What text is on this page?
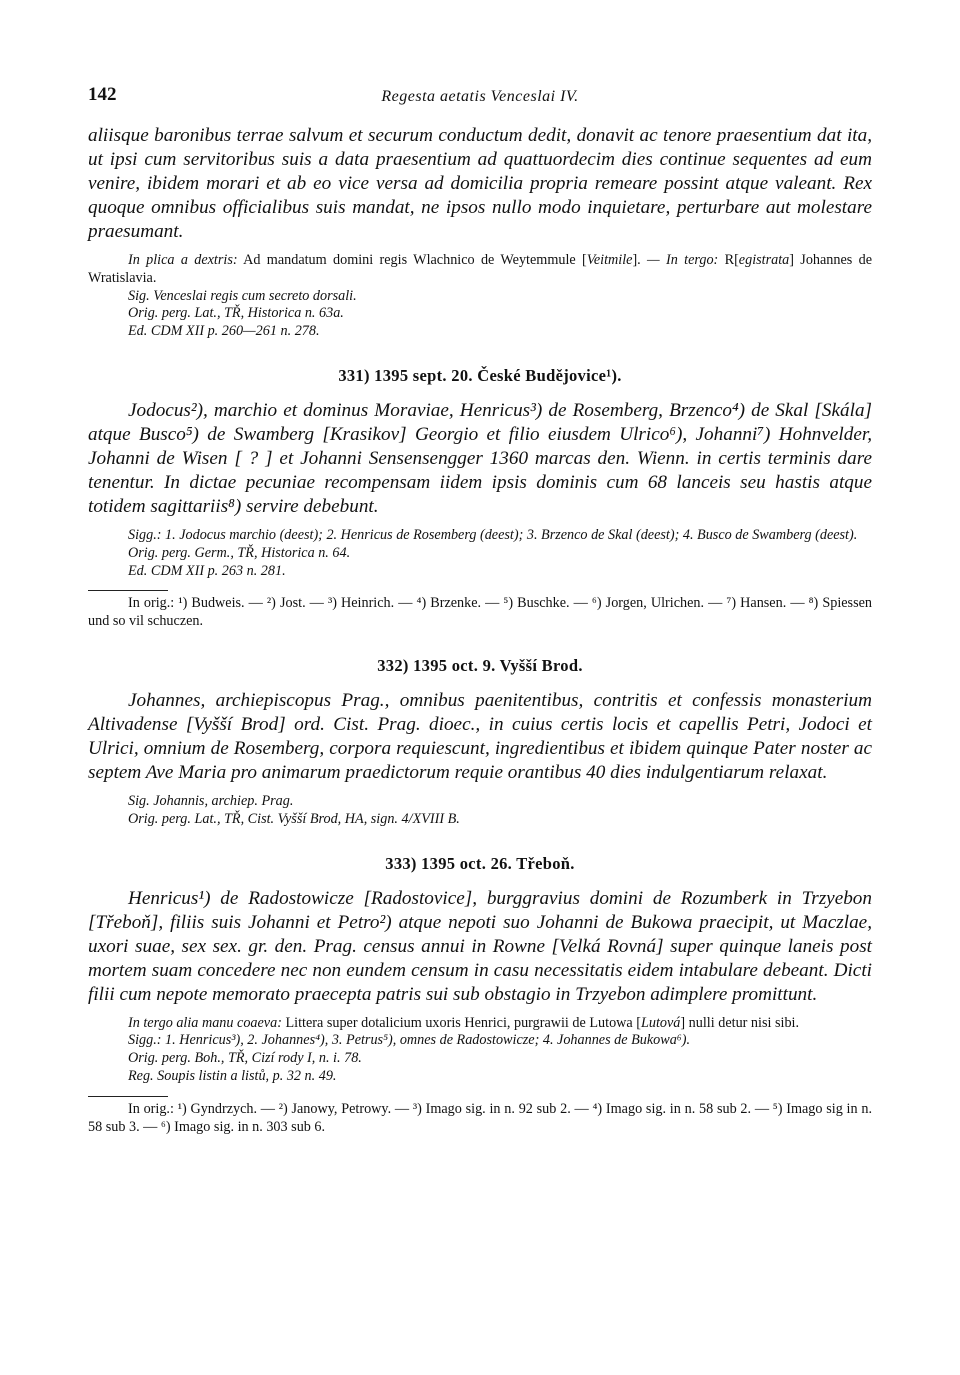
142	Regesta aetatis Venceslai IV.

aliisque baronibus terrae salvum et securum conductum dedit, donavit ac tenore praesentium dat ita, ut ipsi cum servitoribus suis a data praesentium ad quattuordecim dies continue sequentes ad eum venire, ibidem morari et ab eo vice versa ad domicilia propria remeare possint atque valeant. Rex quoque omnibus officialibus suis mandat, ne ipsos nullo modo inquietare, perturbare aut molestare praesumant.

In plica a dextris: Ad mandatum domini regis Wlachnico de Weytemmule [Veitmile]. — In tergo: R[egistrata] Johannes de Wratislavia.

Sig. Venceslai regis cum secreto dorsali.

Orig. perg. Lat., TŘ, Historica n. 63a.

Ed. CDM XII p. 260—261 n. 278.

331) 1395 sept. 20. České Budějovice¹).

Jodocus²), marchio et dominus Moraviae, Henricus³) de Rosemberg, Brzenco⁴) de Skal [Skála] atque Busco⁵) de Swamberg [Krasikov] Georgio et filio eiusdem Ulrico⁶), Johanni⁷) Hohnvelder, Johanni de Wisen [ ? ] et Johanni Sensensengger 1360 marcas den. Wienn. in certis terminis dare tenentur. In dictae pecuniae recompensam iidem ipsis dominis cum 68 lanceis seu hastis atque totidem sagittariis⁸) servire debebunt.

Sigg.: 1. Jodocus marchio (deest); 2. Henricus de Rosemberg (deest); 3. Brzenco de Skal (deest); 4. Busco de Swamberg (deest).

Orig. perg. Germ., TŘ, Historica n. 64.

Ed. CDM XII p. 263 n. 281.

In orig.: ¹) Budweis. — ²) Jost. — ³) Heinrich. — ⁴) Brzenke. — ⁵) Buschke. — ⁶) Jorgen, Ulrichen. — ⁷) Hansen. — ⁸) Spiessen und so vil schuczen.

332) 1395 oct. 9. Vyšší Brod.

Johannes, archiepiscopus Prag., omnibus paenitentibus, contritis et confessis monasterium Altivadense [Vyšší Brod] ord. Cist. Prag. dioec., in cuius certis locis et capellis Petri, Jodoci et Ulrici, omnium de Rosemberg, corpora requiescunt, ingredientibus et ibidem quinque Pater noster ac septem Ave Maria pro animarum praedictorum requie orantibus 40 dies indulgentiarum relaxat.

Sig. Johannis, archiep. Prag.

Orig. perg. Lat., TŘ, Cist. Vyšší Brod, HA, sign. 4/XVIII B.

333) 1395 oct. 26. Třeboň.

Henricus¹) de Radostowicze [Radostovice], burggravius domini de Rozumberk in Trzyebon [Třeboň], filiis suis Johanni et Petro²) atque nepoti suo Johanni de Bukowa praecipit, ut Maczlae, uxori suae, sex sex. gr. den. Prag. census annui in Rowne [Velká Rovná] super quinque laneis post mortem suam concedere nec non eundem censum in casu necessitatis eidem intabulare debeant. Dicti filii cum nepote memorato praecepta patris sui sub obstagio in Trzyebon adimplere promittunt.

In tergo alia manu coaeva: Littera super dotalicium uxoris Henrici, purgrawii de Lutowa [Lutová] nulli detur nisi sibi.

Sigg.: 1. Henricus³), 2. Johannes⁴), 3. Petrus⁵), omnes de Radostowicze; 4. Johannes de Bukowa⁶).

Orig. perg. Boh., TŘ, Cizí rody I, n. i. 78.

Reg. Soupis listin a listů, p. 32 n. 49.

In orig.: ¹) Gyndrzych. — ²) Janowy, Petrowy. — ³) Imago sig. in n. 92 sub 2. — ⁴) Imago sig. in n. 58 sub 2. — ⁵) Imago sig in n. 58 sub 3. — ⁶) Imago sig. in n. 303 sub 6.
